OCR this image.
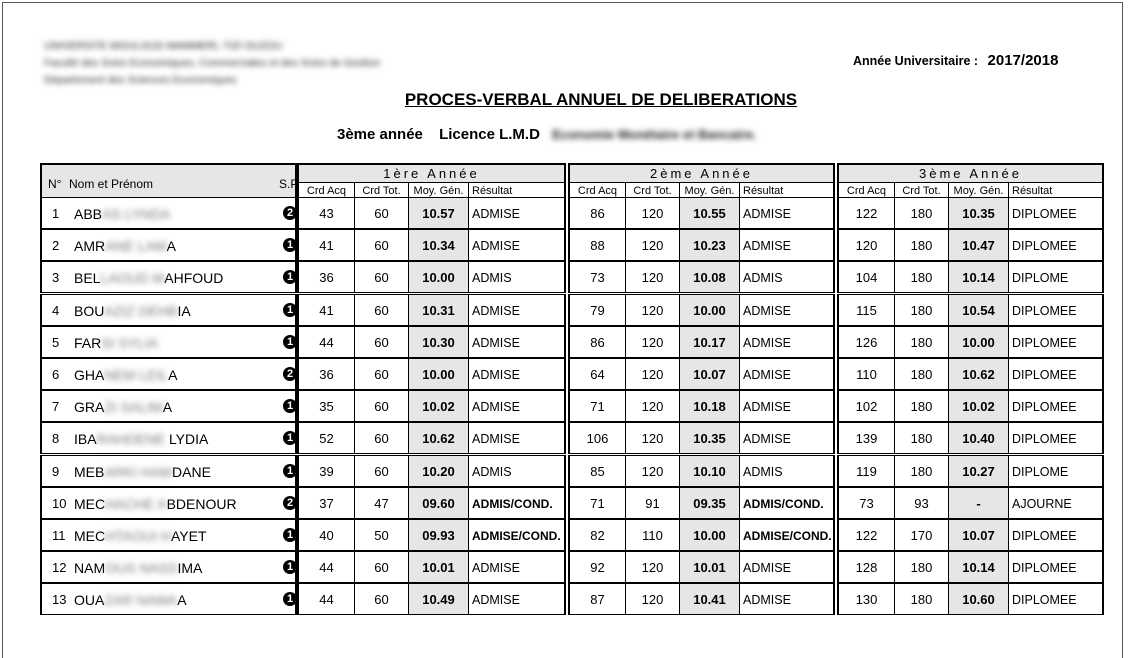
UNIVERSITE MOULOUD MAMMERI, TIZI OUZOU
Faculté des Scies Economiques, Commerciales et des Scies de Gestion
Département des Sciences Economiques
Année Universitaire : 2017/2018
PROCES-VERBAL ANNUEL DE DELIBERATIONS
3ème année Licence L.M.D Economie Monétaire et Bancaire.
N° Nom et Prénom	S.P
1ère Année
Crd Acq	Crd Tot.	Moy. Gén. Résultat
2ème Année
Crd Acq	Crd Tot.	Moy. Gén. Résultat
3ème Année
Crd Acq	Crd Tot.	Moy. Gén. Résultat
1 ABBAS LYNDA	2	43	60	10.57	ADMISE	86	120	10.55	ADMISE	122	180	10.35	DIPLOMEE
2 AMRANE LAMA	1	41	60	10.34	ADMISE	88	120	10.23	ADMISE	120	180	10.47	DIPLOMEE
3 BELLAOUD MAHFOUD	1	36	60	10.00	ADMIS	73	120	10.08	ADMIS	104	180	10.14	DIPLOME
4 BOUAZIZ DEHBIA	1	41	60	10.31	ADMISE	79	120	10.00	ADMISE	115	180	10.54	DIPLOMEE
5 FARSI SYLIA	1	44	60	10.30	ADMISE	86	120	10.17	ADMISE	126	180	10.00	DIPLOMEE
6 GHANEM LEILA	2	36	60	10.00	ADMISE	64	120	10.07	ADMISE	110	180	10.62	DIPLOMEE
7 GRAZI SALIMA	1	35	60	10.02	ADMISE	71	120	10.18	ADMISE	102	180	10.02	DIPLOMEE
8 IBARAHDENE LYDIA	1	52	60	10.62	ADMISE	106	120	10.35	ADMISE	139	180	10.40	DIPLOMEE
9 MEBARKI HAMDANE	1	39	60	10.20	ADMIS	85	120	10.10	ADMIS	119	180	10.27	DIPLOME
10 MECHACHE ABDENOUR	2	37	47	09.60	ADMIS/COND.	71	91	09.35	ADMIS/COND.	73	93	-	AJOURNE
11 MECHTAOUI HAYET	1	40	50	09.93	ADMISE/COND.	82	110	10.00	ADMISE/COND.	122	170	10.07	DIPLOMEE
12 NAMOUS NASSIMA	1	44	60	10.01	ADMISE	92	120	10.01	ADMISE	128	180	10.14	DIPLOMEE
13 OUAZAR NAWAA	1	44	60	10.49	ADMISE	87	120	10.41	ADMISE	130	180	10.60	DIPLOMEE
